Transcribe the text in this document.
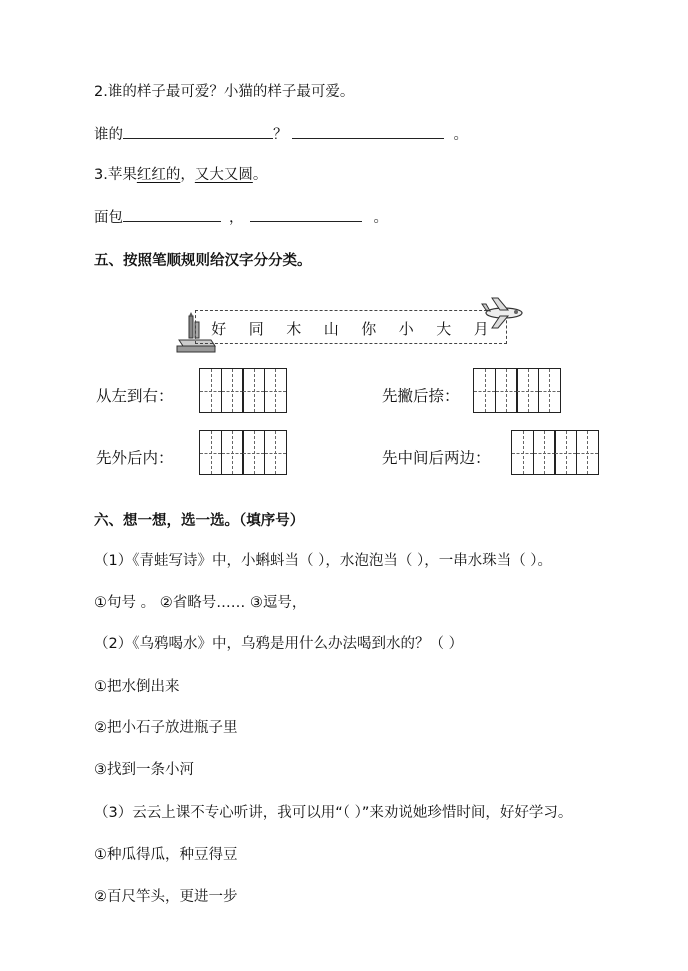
2.谁的样子最可爱？小猫的样子最可爱。
谁的	？	。
3.苹果红红的，又大又圆。
面包	，	。
五、按照笔顺规则给汉字分分类。
好 同 木 山 你 小 大 月
从左到右：	先撇后捺：
先外后内：	先中间后两边：
六、想一想，选一选。（填序号）
（1）《青蛙写诗》中，小蝌蚪当（ ），水泡泡当（ ），一串水珠当（ ）。
①句号 。 ②省略号…… ③逗号，
（2）《乌鸦喝水》中，乌鸦是用什么办法喝到水的？（ ）
①把水倒出来
②把小石子放进瓶子里
③找到一条小河
（3）云云上课不专心听讲，我可以用“（ ）”来劝说她珍惜时间，好好学习。
①种瓜得瓜，种豆得豆
②百尺竿头，更进一步
